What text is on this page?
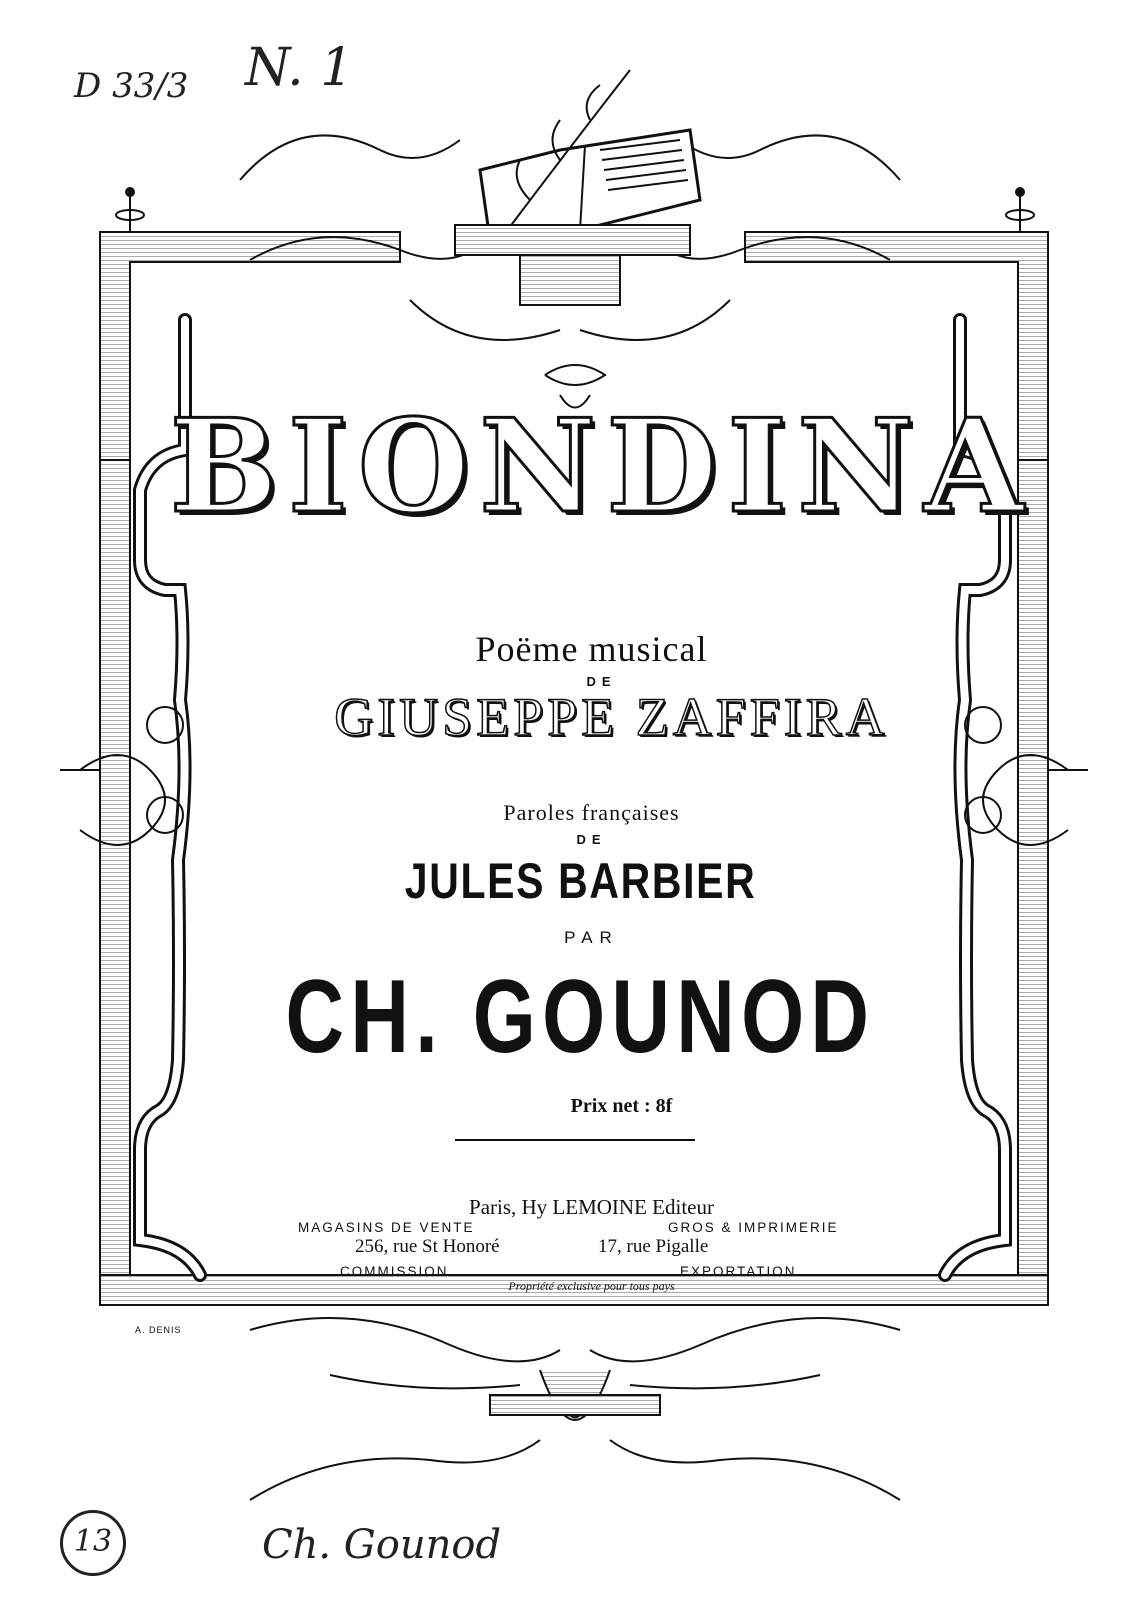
D 33/3 N. 1
BIONDINA
Poëme musical
DE
GIUSEPPE ZAFFIRA
Paroles françaises
DE
JULES BARBIER
PAR
CH. GOUNOD
Prix net : 8f
Paris, Hy LEMOINE Editeur
MAGASINS DE VENTE	GROS & IMPRIMERIE
256, rue St Honoré	17, rue Pigalle
COMMISSION	EXPORTATION
Propriété exclusive pour tous pays
A. DENIS
13	Ch. Gounod
